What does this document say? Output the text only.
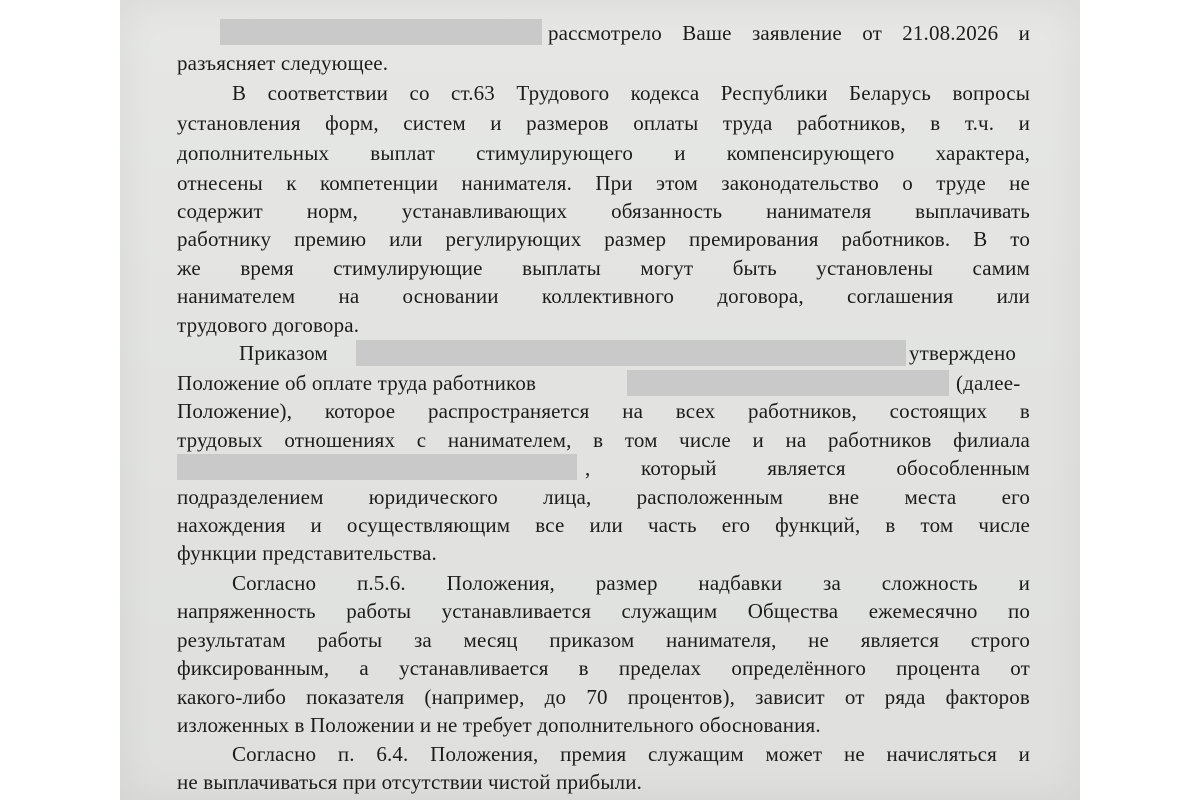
рассмотрело Ваше заявление от 21.08.2026 и
разъясняет следующее.
В соответствии со ст.63 Трудового кодекса Республики Беларусь вопросы
установления форм, систем и размеров оплаты труда работников, в т.ч. и
дополнительных выплат стимулирующего и компенсирующего характера,
отнесены к компетенции нанимателя. При этом законодательство о труде не
содержит норм, устанавливающих обязанность нанимателя выплачивать
работнику премию или регулирующих размер премирования работников. В то
же время стимулирующие выплаты могут быть установлены самим
нанимателем на основании коллективного договора, соглашения или
трудового договора.
Приказом	утверждено
Положение об оплате труда работников	(далее-
Положение), которое распространяется на всех работников, состоящих в
трудовых отношениях с нанимателем, в том числе и на работников филиала
, который является обособленным
подразделением юридического лица, расположенным вне места его
нахождения и осуществляющим все или часть его функций, в том числе
функции представительства.
Согласно п.5.6. Положения, размер надбавки за сложность и
напряженность работы устанавливается служащим Общества ежемесячно по
результатам работы за месяц приказом нанимателя, не является строго
фиксированным, а устанавливается в пределах определённого процента от
какого-либо показателя (например, до 70 процентов), зависит от ряда факторов
изложенных в Положении и не требует дополнительного обоснования.
Согласно п. 6.4. Положения, премия служащим может не начисляться и
не выплачиваться при отсутствии чистой прибыли.
